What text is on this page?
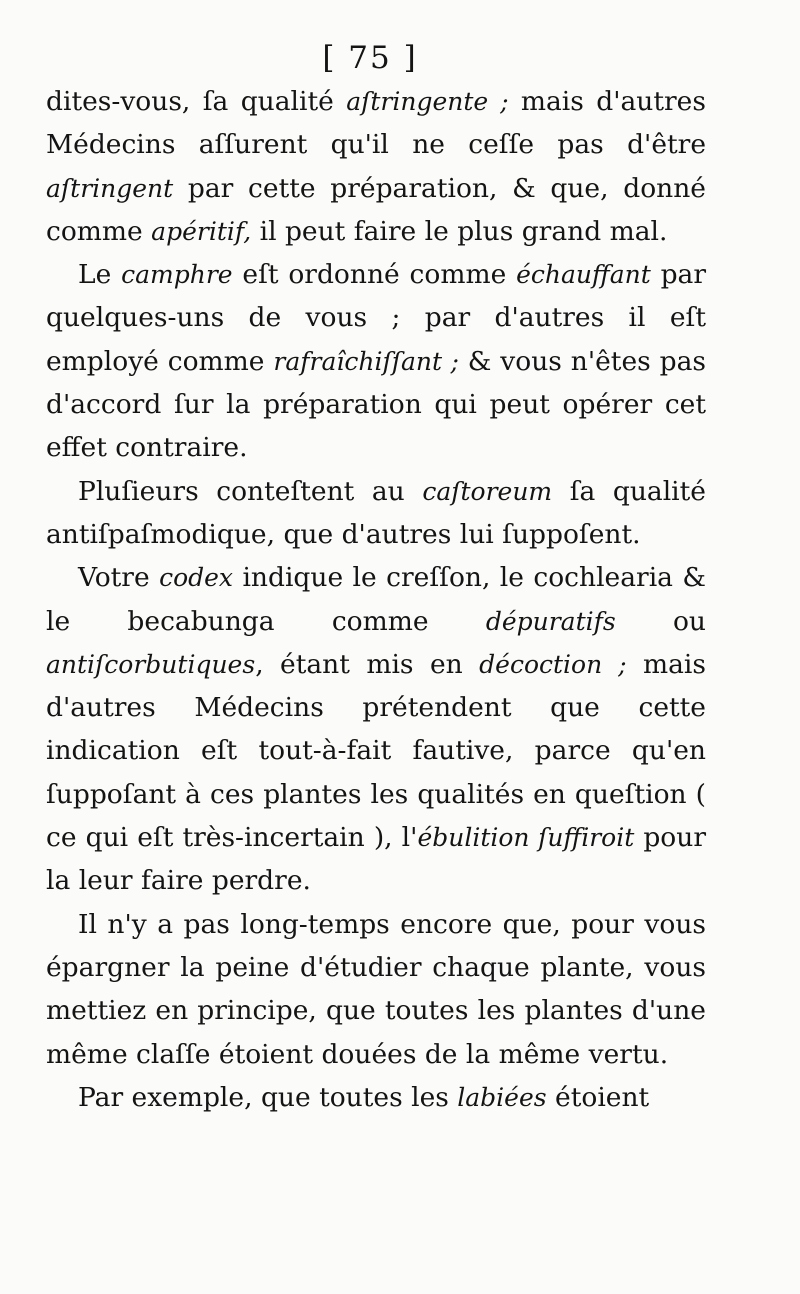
[ 75 ]

dites-vous, ſa qualité aſtringente ; mais d'autres Médecins aſſurent qu'il ne ceſſe pas d'être aſtringent par cette préparation, & que, donné comme apéritif, il peut faire le plus grand mal.

Le camphre eſt ordonné comme échauffant par quelques-uns de vous ; par d'autres il eſt employé comme rafraîchiſſant ; & vous n'êtes pas d'accord ſur la préparation qui peut opérer cet effet contraire.

Pluſieurs conteſtent au caſtoreum ſa qualité antiſpaſmodique, que d'autres lui ſuppoſent.

Votre codex indique le creſſon, le cochlearia & le becabunga comme dépuratifs ou antiſcorbutiques, étant mis en décoction ; mais d'autres Médecins prétendent que cette indication eſt tout-à-fait fautive, parce qu'en ſuppoſant à ces plantes les qualités en queſtion ( ce qui eſt très-incertain ), l'ébulition ſuffiroit pour la leur faire perdre.

Il n'y a pas long-temps encore que, pour vous épargner la peine d'étudier chaque plante, vous mettiez en principe, que toutes les plantes d'une même claſſe étoient douées de la même vertu.

Par exemple, que toutes les labiées étoient
